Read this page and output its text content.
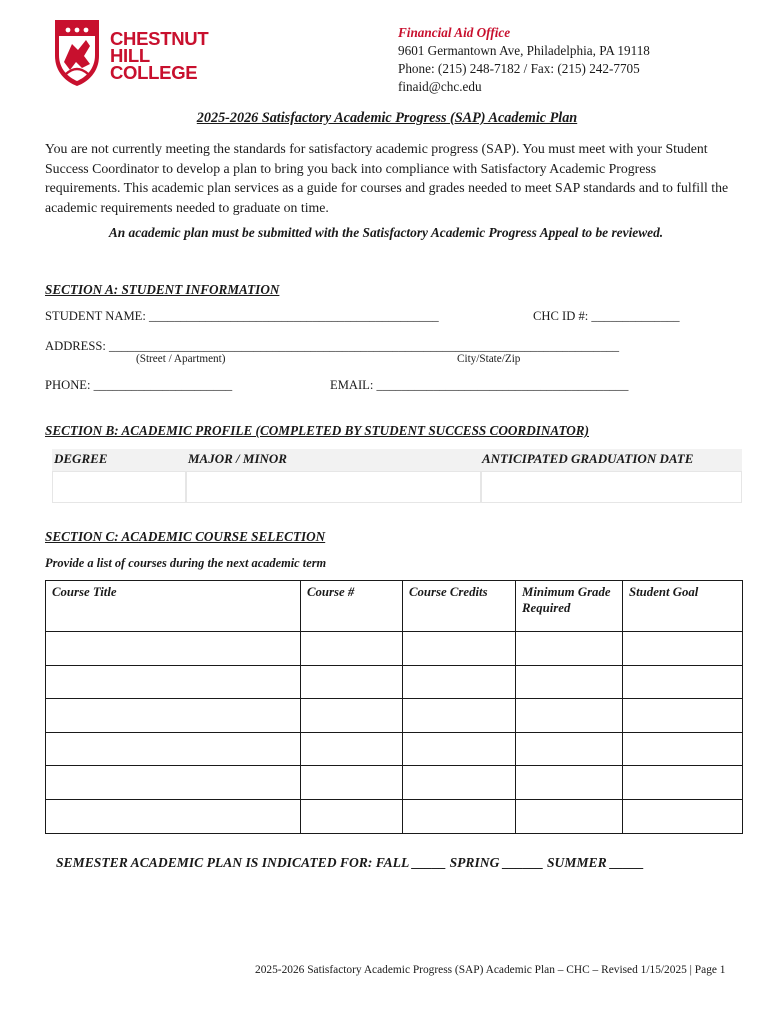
CHESTNUT
HILL
COLLEGE
Financial Aid Office
9601 Germantown Ave, Philadelphia, PA 19118
Phone: (215) 248-7182 / Fax: (215) 242-7705
finaid@chc.edu
2025-2026 Satisfactory Academic Progress (SAP) Academic Plan
You are not currently meeting the standards for satisfactory academic progress (SAP). You must meet with your Student Success Coordinator to develop a plan to bring you back into compliance with Satisfactory Academic Progress requirements. This academic plan services as a guide for courses and grades needed to meet SAP standards and to fulfill the academic requirements needed to graduate on time.
An academic plan must be submitted with the Satisfactory Academic Progress Appeal to be reviewed.
SECTION A: STUDENT INFORMATION
STUDENT NAME: ______________________________________________	CHC ID #: ______________
ADDRESS: _________________________________________________________________________________
(Street / Apartment)	City/State/Zip
PHONE: ______________________	EMAIL: ________________________________________
SECTION B: ACADEMIC PROFILE (COMPLETED BY STUDENT SUCCESS COORDINATOR)
DEGREE	MAJOR / MINOR	ANTICIPATED GRADUATION DATE
SECTION C: ACADEMIC COURSE SELECTION
Provide a list of courses during the next academic term
Course Title	Course #	Course Credits	Minimum Grade Required	Student Goal

SEMESTER ACADEMIC PLAN IS INDICATED FOR: FALL _____ SPRING ______ SUMMER _____
2025-2026 Satisfactory Academic Progress (SAP) Academic Plan – CHC – Revised 1/15/2025 | Page 1
